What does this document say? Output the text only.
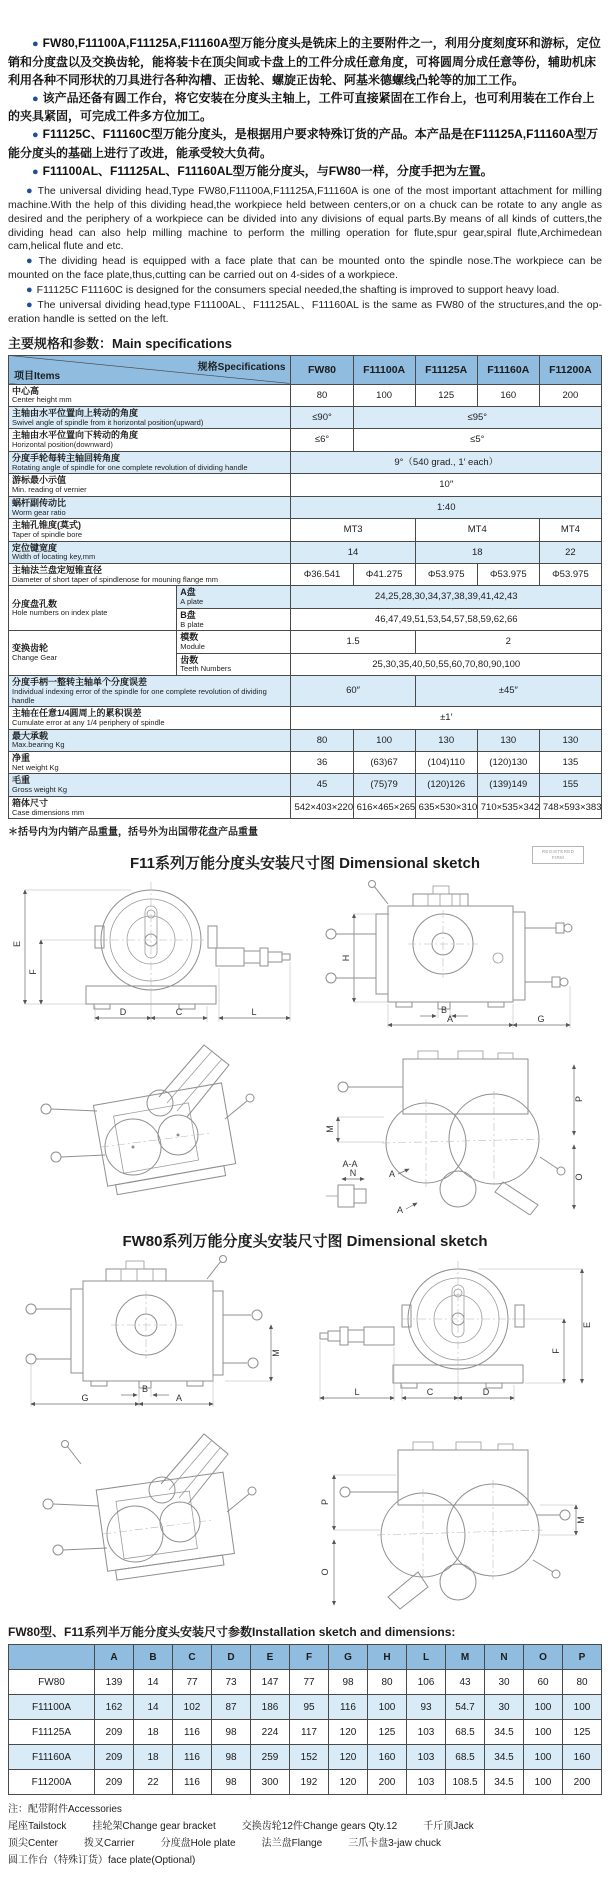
● FW80,F11100A,F11125A,F11160A型万能分度头是铣床上的主要附件之一，利用分度刻度环和游标，定位销和分度盘以及交换齿轮，能将装卡在顶尖间或卡盘上的工件分成任意角度，可将圆周分成任意等份，辅助机床利用各种不同形状的刀具进行各种沟槽、正齿轮、螺旋正齿轮、阿基米德螺线凸轮等的加工工作。

● 该产品还备有圆工作台，将它安装在分度头主轴上，工件可直接紧固在工作台上，也可利用装在工作台上的夹具紧固，可完成工件多方位加工。

● F11125C、F11160C型万能分度头，是根据用户要求特殊订货的产品。本产品是在F11125A,F11160A型万能分度头的基础上进行了改进，能承受较大负荷。

● F11100AL、F11125AL、F11160AL型万能分度头，与FW80一样，分度手把为左置。

● The universal dividing head,Type FW80,F11100A,F11125A,F11160A is one of the most important attachment for milling machine.With the help of this dividing head,the workpiece held between centers,or on a chuck can be rotate to any angle as desired and the periphery of a workpiece can be divided into any divisions of equal parts.By means of all kinds of cutters,the dividing head can also help milling machine to perform the milling operation for flute,spur gear,spiral flute,Archimedean cam,helical flute and etc.

● The dividing head is equipped with a face plate that can be mounted onto the spindle nose.The workpiece can be mounted on the face plate,thus,cutting can be carried out on 4-sides of a workpiece.

● F11125C F11160C is designed for the consumers special needed,the shafting is improved to support heavy load.

● The universal dividing head,type F11100AL、F11125AL、F11160AL is the same as FW80 of the structures,and the op-eration handle is setted on the left.

主要规格和参数：Main specifications
项目Items
规格Specifications		FW80	F11100A	F11125A	F11160A	F11200A

中心高
Center height mm		80	100	125	160	200

主轴由水平位置向上转动的角度
Swivel angle of spindle from it horizontal position(upward)		≤90°	≤95°			

主轴由水平位置向下转动的角度
Horizontal position(downward)		≤6°	≤5°			

分度手轮每转主轴回转角度
Rotating angle of spindle for one complete revolution of dividing handle		9°（540 grad., 1′ each）				

游标最小示值
Min. reading of vernier		10″				

蜗杆副传动比
Worm gear ratio		1:40				

主轴孔锥度(莫式)
Taper of spindle bore		MT3		MT4		MT4

定位键宽度
Width of locating key,mm		14		18		22

主轴法兰盘定短锥直径
Diameter of short taper of spindlenose for mouning flange mm		Φ36.541	Φ41.275	Φ53.975	Φ53.975	Φ53.975

分度盘孔数
Hole numbers on index plate

A盘
A plate	24,25,28,30,34,37,38,39,41,42,43

	B盘
B plate	46,47,49,51,53,54,57,58,59,62,66				

变换齿轮
Change Gear

模数
Module	1.5	2

	齿数
Teeth Numbers	25,30,35,40,50,55,60,70,80,90,100				

分度手柄一整转主轴单个分度误差
Individual indexing error of the spindle for one complete revolution of dividing handle		60″		±45″		

主轴在任意1/4圆周上的累积误差
Cumulate error at any 1/4 periphery of spindle		±1′				

最大承载
Max.bearing Kg		80	100	130	130	130

净重
Net weight Kg		36	(63)67	(104)110	(120)130	135

毛重
Gross weight Kg		45	(75)79	(120)126	(139)149	155

箱体尺寸
Case dimensions mm		542×403×220	616×465×265	635×530×310	710×535×342	748×593×383
＊括号内为内销产品重量，括号外为出国带花盘产品重量
F11系列万能分度头安装尺寸图 Dimensional sketch
REGISTERED FIRM
E
F
D	C	L
H
B
A	G
M
P
O
A-A
N	A
A
FW80系列万能分度头安装尺寸图 Dimensional sketch
B
G	A
M	F
E
L	C	D
P
O
M
FW80型、F11系列半万能分度头安装尺寸参数Installation sketch and dimensions:
	A	B	C	D	E	F	G	H	L	M	N	O	P
FW80	139	14	77	73	147	77	98	80	106	43	30	60	80
F11100A	162	14	102	87	186	95	116	100	93	54.7	30	100	100
F11125A	209	18	116	98	224	117	120	125	103	68.5	34.5	100	125
F11160A	209	18	116	98	259	152	120	160	103	68.5	34.5	100	160
F11200A	209	22	116	98	300	192	120	200	103	108.5	34.5	100	200
注：配带附件Accessories
尾座Tailstock	挂轮架Change gear bracket	交换齿轮12件Change gears Qty.12	千斤顶Jack
顶尖Center	拨叉Carrier	分度盘Hole plate	法兰盘Flange	三爪卡盘3-jaw chuck
圆工作台（特殊订货）face plate(Optional)
